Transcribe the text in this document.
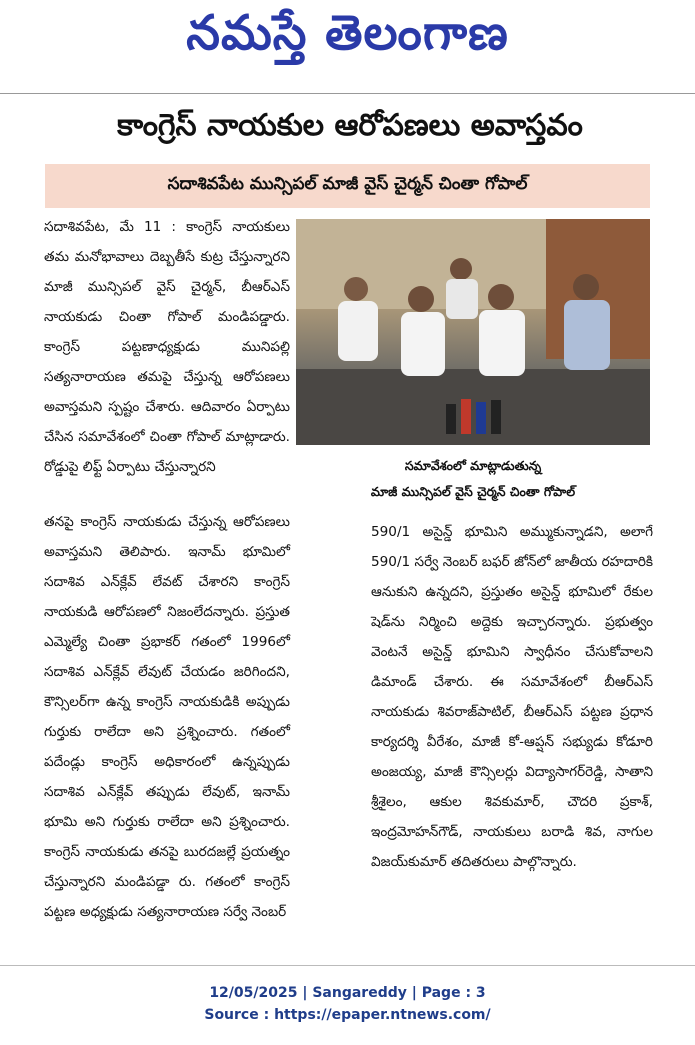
నమస్తే తెలంగాణ
కాంగ్రెస్ నాయకుల ఆరోపణలు అవాస్తవం
సదాశివపేట మున్సిపల్ మాజీ వైస్ చైర్మన్ చింతా గోపాల్

సదాశివపేట, మే 11 : కాంగ్రెస్ నాయకులు తమ మనోభావాలు దెబ్బతీసే కుట్ర చేస్తున్నారని మాజీ మున్సిపల్ వైస్ చైర్మన్, బీఆర్ఎస్ నాయకుడు చింతా గోపాల్ మండిపడ్డారు. కాంగ్రెస్ పట్టణాధ్యక్షుడు మునిపల్లి సత్యనారాయణ తమపై చేస్తున్న ఆరోపణలు అవాస్తమని స్పష్టం చేశారు. ఆదివారం ఏర్పాటు చేసిన సమావేశంలో చింతా గోపాల్ మాట్లాడారు. రోడ్డుపై లిఫ్ట్ ఏర్పాటు చేస్తున్నారని	సమావేశంలో మాట్లాడుతున్న
మాజీ మున్సిపల్ వైస్ చైర్మన్ చింతా గోపాల్

తనపై కాంగ్రెస్ నాయకుడు చేస్తున్న ఆరోపణలు అవాస్తమని తెలిపారు. ఇనామ్ భూమిలో సదాశివ ఎన్‌క్లేవ్ లేవట్ చేశారని కాంగ్రెస్ నాయకుడి ఆరోపణలో నిజంలేదన్నారు. ప్రస్తుత ఎమ్మెల్యే చింతా ప్రభాకర్ గతంలో 1996లో సదాశివ ఎన్‌క్లేవ్ లేవుట్ చేయడం జరిగిందని, కౌన్సిలర్‌గా ఉన్న కాంగ్రెస్ నాయకుడికి అప్పుడు గుర్తుకు రాలేదా అని ప్రశ్నించారు. గతంలో పదేండ్లు కాంగ్రెస్ అధికారంలో ఉన్నప్పుడు సదాశివ ఎన్‌క్లేవ్ తప్పుడు లేవుట్, ఇనామ్ భూమి అని గుర్తుకు రాలేదా అని ప్రశ్నించారు. కాంగ్రెస్ నాయకుడు తనపై బురదజల్లే ప్రయత్నం చేస్తున్నారని మండిపడ్డా రు. గతంలో కాంగ్రెస్ పట్టణ అధ్యక్షుడు సత్యనారాయణ సర్వే నెంబర్

590/1 అసైన్డ్ భూమిని అమ్ముకున్నాడని, అలాగే 590/1 సర్వే నెంబర్ బఫర్ జోన్‌లో జాతీయ రహదారికి ఆనుకుని ఉన్నదని, ప్రస్తుతం అసైన్డ్ భూమిలో రేకుల షెడ్‌ను నిర్మించి అద్దెకు ఇచ్చారన్నారు. ప్రభుత్వం వెంటనే అసైన్డ్ భూమిని స్వాధీనం చేసుకోవాలని డిమాండ్ చేశారు. ఈ సమావేశంలో బీఆర్ఎస్ నాయకుడు శివరాజ్‌పాటిల్, బీఆర్ఎస్ పట్టణ ప్రధాన కార్యదర్శి వీరేశం, మాజీ కో-ఆప్షన్ సభ్యుడు కోడూరి అంజయ్య, మాజీ కౌన్సిలర్లు విద్యాసాగర్‌రెడ్డి, సాతాని శ్రీశైలం, ఆకుల శివకుమార్, చౌదరి ప్రకాశ్, ఇంద్రమోహన్‌గౌడ్, నాయకులు బరాడి శివ, నాగుల విజయ్‌కుమార్ తదితరులు పాల్గొన్నారు.

12/05/2025 | Sangareddy | Page : 3
Source : https://epaper.ntnews.com/
